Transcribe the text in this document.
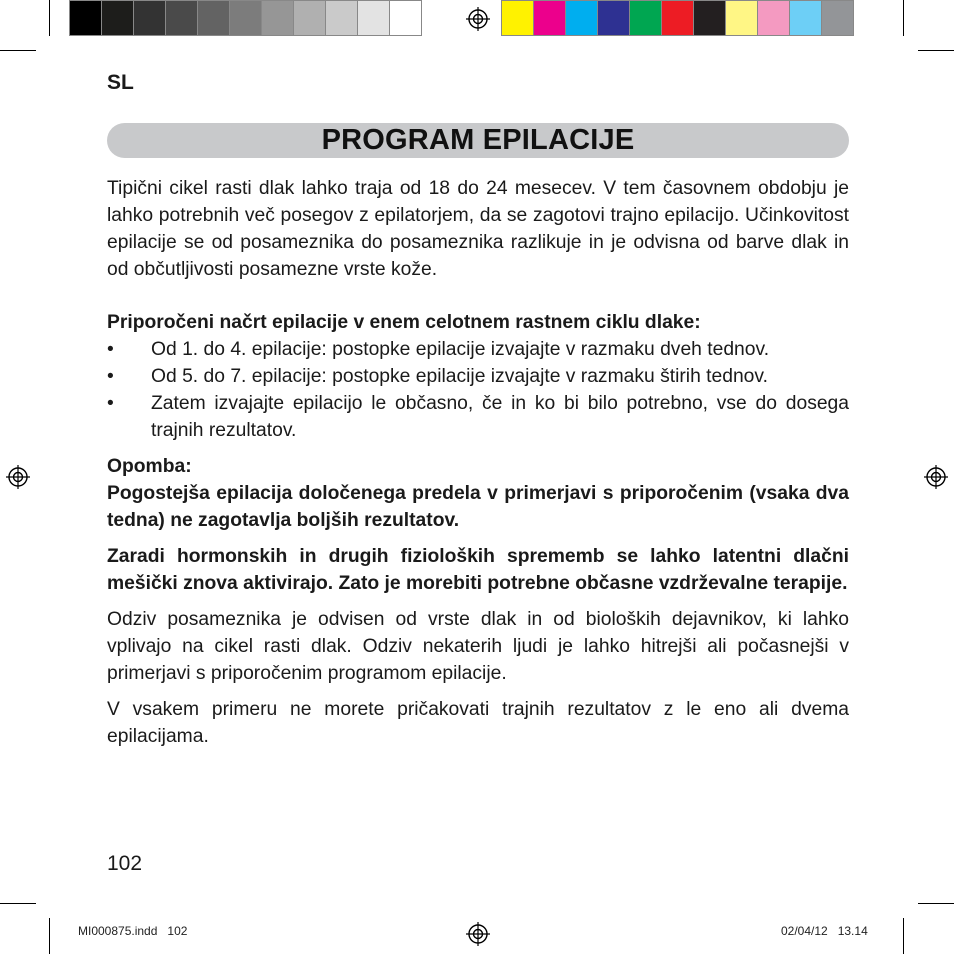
SL
PROGRAM EPILACIJE

Tipični cikel rasti dlak lahko traja od 18 do 24 mesecev. V tem časovnem obdobju je lahko potrebnih več posegov z epilatorjem, da se zagotovi trajno epilacijo. Učinkovitost epilacije se od posameznika do posameznika razlikuje in je odvisna od barve dlak in od občutljivosti posamezne vrste kože.

Priporočeni načrt epilacije v enem celotnem rastnem ciklu dlake:

• Od 1. do 4. epilacije: postopke epilacije izvajajte v razmaku dveh tednov.
• Od 5. do 7. epilacije: postopke epilacije izvajajte v razmaku štirih tednov.
• Zatem izvajajte epilacijo le občasno, če in ko bi bilo potrebno, vse do dosega trajnih rezultatov.

Opomba:

Pogostejša epilacija določenega predela v primerjavi s priporočenim (vsaka dva tedna) ne zagotavlja boljših rezultatov.

Zaradi hormonskih in drugih fizioloških sprememb se lahko latentni dlačni mešički znova aktivirajo. Zato je morebiti potrebne občasne vzdrževalne terapije.

Odziv posameznika je odvisen od vrste dlak in od bioloških dejavnikov, ki lahko vplivajo na cikel rasti dlak. Odziv nekaterih ljudi je lahko hitrejši ali počasnejši v primerjavi s priporočenim programom epilacije.

V vsakem primeru ne morete pričakovati trajnih rezultatov z le eno ali dvema epilacijama.

102
MI000875.indd   102	02/04/12   13.14
